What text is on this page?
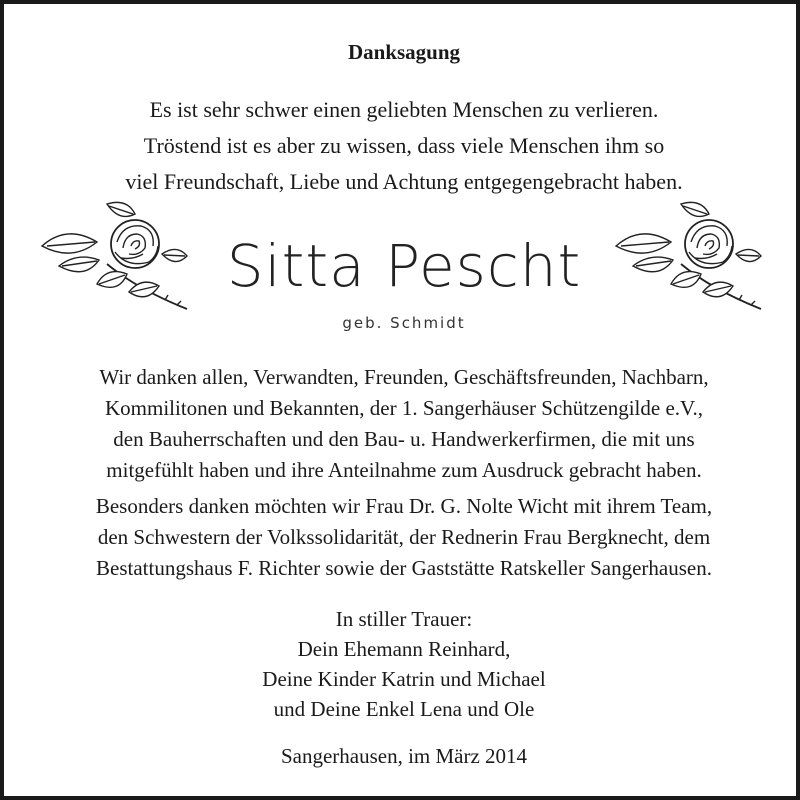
Danksagung
Es ist sehr schwer einen geliebten Menschen zu verlieren.
Tröstend ist es aber zu wissen, dass viele Menschen ihm so
viel Freundschaft, Liebe und Achtung entgegengebracht haben.
Sitta Pescht
geb. Schmidt
Wir danken allen, Verwandten, Freunden, Geschäftsfreunden, Nachbarn,
Kommilitonen und Bekannten, der 1. Sangerhäuser Schützengilde e.V.,
den Bauherrschaften und den Bau- u. Handwerkerfirmen, die mit uns
mitgefühlt haben und ihre Anteilnahme zum Ausdruck gebracht haben.
Besonders danken möchten wir Frau Dr. G. Nolte Wicht mit ihrem Team,
den Schwestern der Volkssolidarität, der Rednerin Frau Bergknecht, dem
Bestattungshaus F. Richter sowie der Gaststätte Ratskeller Sangerhausen.
In stiller Trauer:
Dein Ehemann Reinhard,
Deine Kinder Katrin und Michael
und Deine Enkel Lena und Ole
Sangerhausen, im März 2014
